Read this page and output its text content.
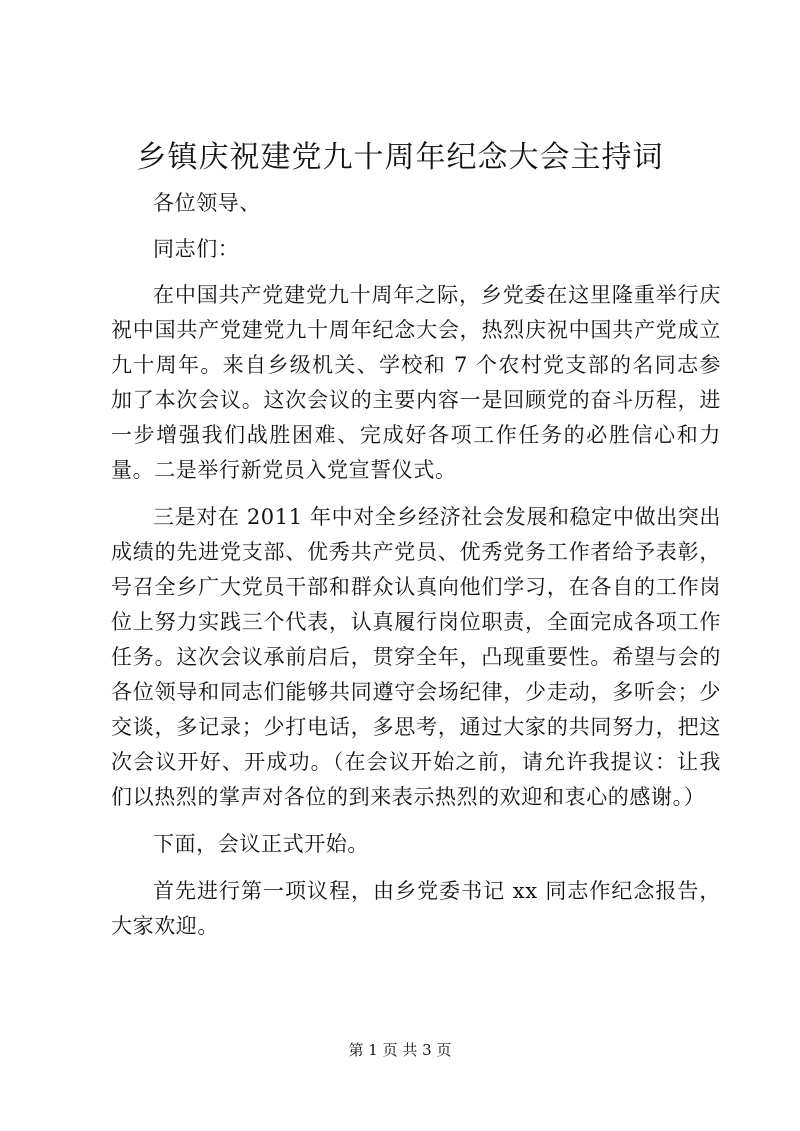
乡镇庆祝建党九十周年纪念大会主持词

各位领导、

同志们：

在中国共产党建党九十周年之际，乡党委在这里隆重举行庆祝中国共产党建党九十周年纪念大会，热烈庆祝中国共产党成立九十周年。来自乡级机关、学校和 7 个农村党支部的名同志参加了本次会议。这次会议的主要内容一是回顾党的奋斗历程，进一步增强我们战胜困难、完成好各项工作任务的必胜信心和力量。二是举行新党员入党宣誓仪式。

三是对在 2011 年中对全乡经济社会发展和稳定中做出突出成绩的先进党支部、优秀共产党员、优秀党务工作者给予表彰，号召全乡广大党员干部和群众认真向他们学习，在各自的工作岗位上努力实践三个代表，认真履行岗位职责，全面完成各项工作任务。这次会议承前启后，贯穿全年，凸现重要性。希望与会的各位领导和同志们能够共同遵守会场纪律，少走动，多听会；少交谈，多记录；少打电话，多思考，通过大家的共同努力，把这次会议开好、开成功。（在会议开始之前，请允许我提议：让我们以热烈的掌声对各位的到来表示热烈的欢迎和衷心的感谢。）

下面，会议正式开始。

首先进行第一项议程，由乡党委书记 xx 同志作纪念报告，大家欢迎。

第 1 页 共 3 页
